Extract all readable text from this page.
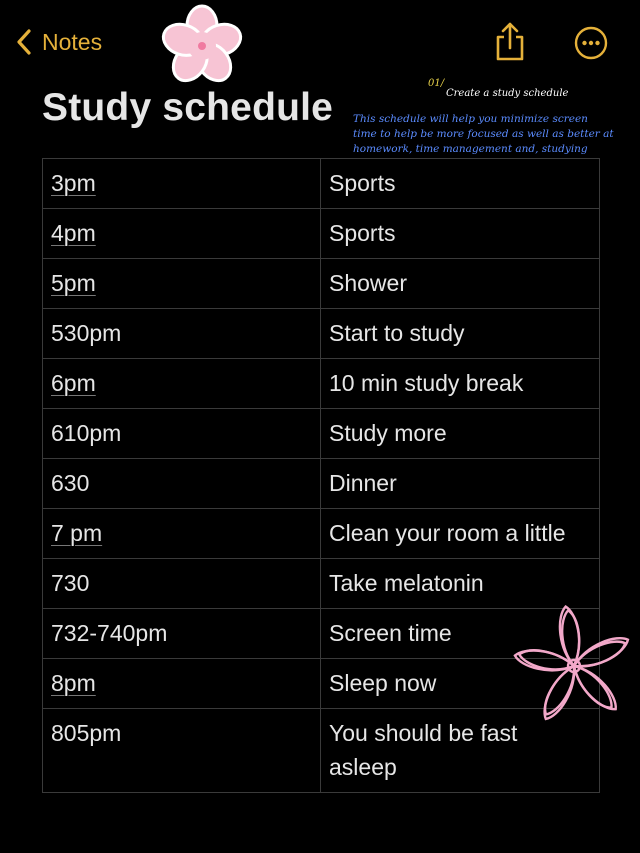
Notes
Study schedule
01/
Create a study schedule
This schedule will help you minimize screen time to help be more focused as well as better at homework, time management and, studying
3pm	Sports
4pm	Sports
5pm	Shower
530pm	Start to study
6pm	10 min study break
610pm	Study more
630	Dinner
7 pm	Clean your room a little
730	Take melatonin
732-740pm	Screen time
8pm	Sleep now
805pm	You should be fast asleep
